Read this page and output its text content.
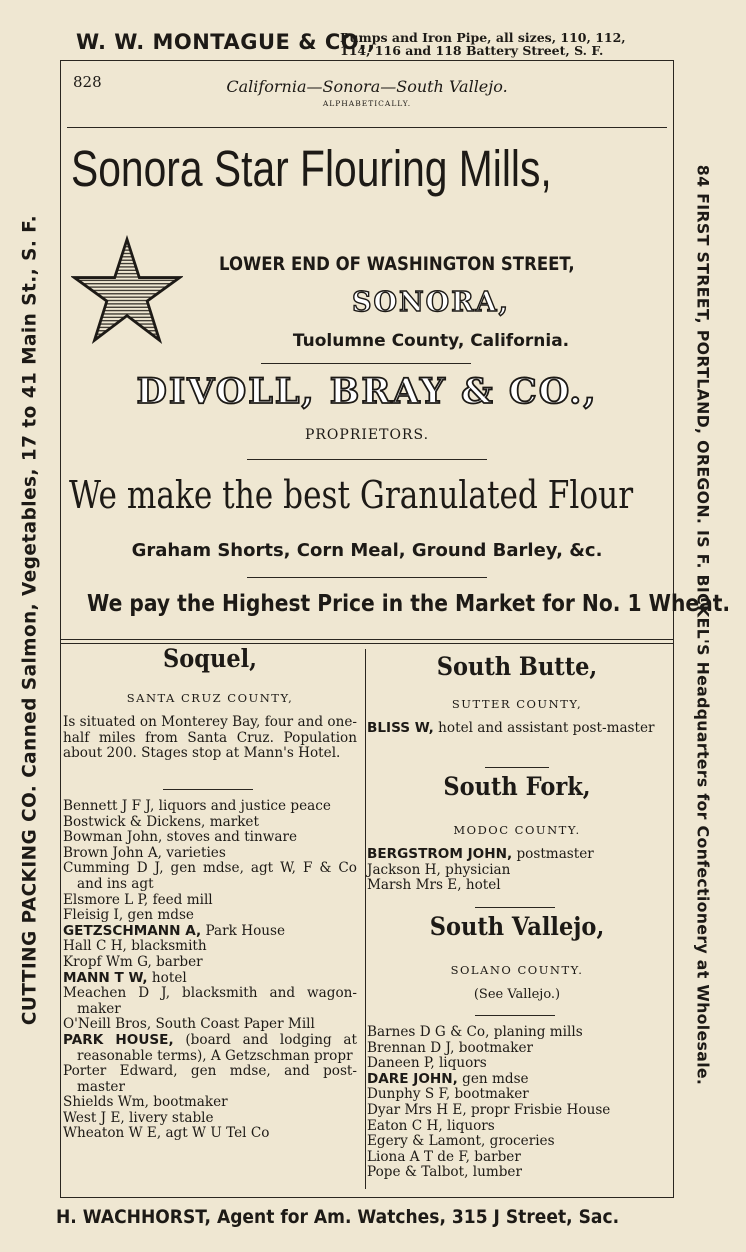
W. W. MONTAGUE & CO.,
Pumps and Iron Pipe, all sizes, 110, 112,
114, 116 and 118 Battery Street, S. F.
CUTTING PACKING CO. Canned Salmon, Vegetables, 17 to 41 Main St., S. F.	84 FIRST STREET, PORTLAND, OREGON. IS F. BICKEL'S Headquarters for Confectionery at Wholesale.
828	California—Sonora—South Vallejo.
ALPHABETICALLY.
Sonora Star Flouring Mills,
LOWER END OF WASHINGTON STREET,
SONORA,
Tuolumne County, California.
DIVOLL, BRAY & CO.,
PROPRIETORS.
We make the best Granulated Flour
Graham Shorts, Corn Meal, Ground Barley, &c.
We pay the Highest Price in the Market for No. 1 Wheat.
Soquel,
SANTA CRUZ COUNTY,
Is situated on Monterey Bay, four and one-half miles from Santa Cruz. Population about 200. Stages stop at Mann's Hotel.
Bennett J F J, liquors and justice peace
Bostwick & Dickens, market
Bowman John, stoves and tinware
Brown John A, varieties
Cumming D J, gen mdse, agt W, F & Co and ins agt
Elsmore L P, feed mill
Fleisig I, gen mdse
GETZSCHMANN A, Park House
Hall C H, blacksmith
Kropf Wm G, barber
MANN T W, hotel
Meachen D J, blacksmith and wagon-maker
O'Neill Bros, South Coast Paper Mill
PARK HOUSE, (board and lodging at reasonable terms), A Getzschman propr
Porter Edward, gen mdse, and post-master
Shields Wm, bootmaker
West J E, livery stable
Wheaton W E, agt W U Tel Co
South Butte,
SUTTER COUNTY,
BLISS W, hotel and assistant post-master
South Fork,
MODOC COUNTY.
BERGSTROM JOHN, postmaster
Jackson H, physician
Marsh Mrs E, hotel
South Vallejo,
SOLANO COUNTY.
(See Vallejo.)
Barnes D G & Co, planing mills
Brennan D J, bootmaker
Daneen P, liquors
DARE JOHN, gen mdse
Dunphy S F, bootmaker
Dyar Mrs H E, propr Frisbie House
Eaton C H, liquors
Egery & Lamont, groceries
Liona A T de F, barber
Pope & Talbot, lumber
H. WACHHORST, Agent for Am. Watches, 315 J Street, Sac.
